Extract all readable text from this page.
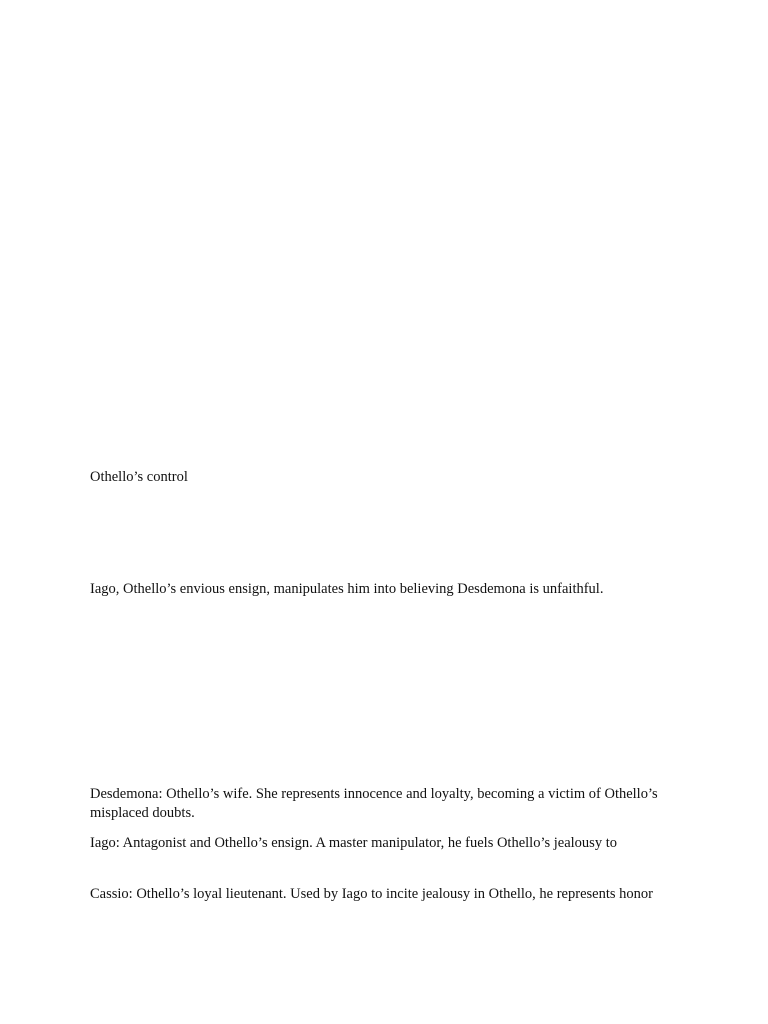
Othello’s control

Iago, Othello’s envious ensign, manipulates him into believing Desdemona is unfaithful.

Desdemona: Othello’s wife. She represents innocence and loyalty, becoming a victim of Othello’s misplaced doubts.

Iago: Antagonist and Othello’s ensign. A master manipulator, he fuels Othello’s jealousy to

Cassio: Othello’s loyal lieutenant. Used by Iago to incite jealousy in Othello, he represents honor
